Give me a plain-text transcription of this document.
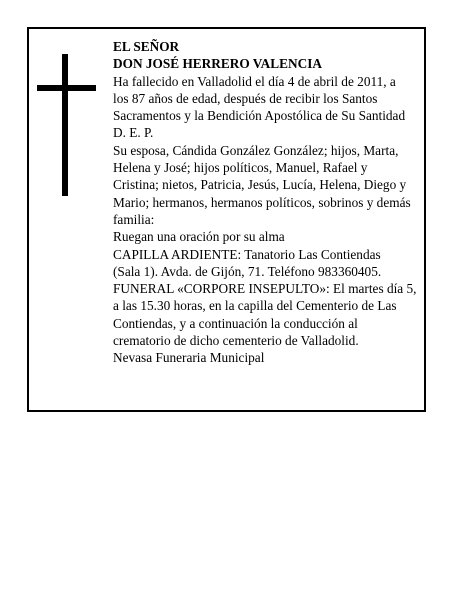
EL SEÑOR
DON JOSÉ HERRERO VALENCIA
Ha fallecido en Valladolid el día 4 de abril de 2011, a
los 87 años de edad, después de recibir los Santos
Sacramentos y la Bendición Apostólica de Su Santidad
D. E. P.
Su esposa, Cándida González González; hijos, Marta,
Helena y José; hijos políticos, Manuel, Rafael y
Cristina; nietos, Patricia, Jesús, Lucía, Helena, Diego y
Mario; hermanos, hermanos políticos, sobrinos y demás
familia:
Ruegan una oración por su alma
CAPILLA ARDIENTE: Tanatorio Las Contiendas
(Sala 1). Avda. de Gijón, 71. Teléfono 983360405.
FUNERAL «CORPORE INSEPULTO»: El martes día 5,
a las 15.30 horas, en la capilla del Cementerio de Las
Contiendas, y a continuación la conducción al
crematorio de dicho cementerio de Valladolid.
Nevasa Funeraria Municipal
